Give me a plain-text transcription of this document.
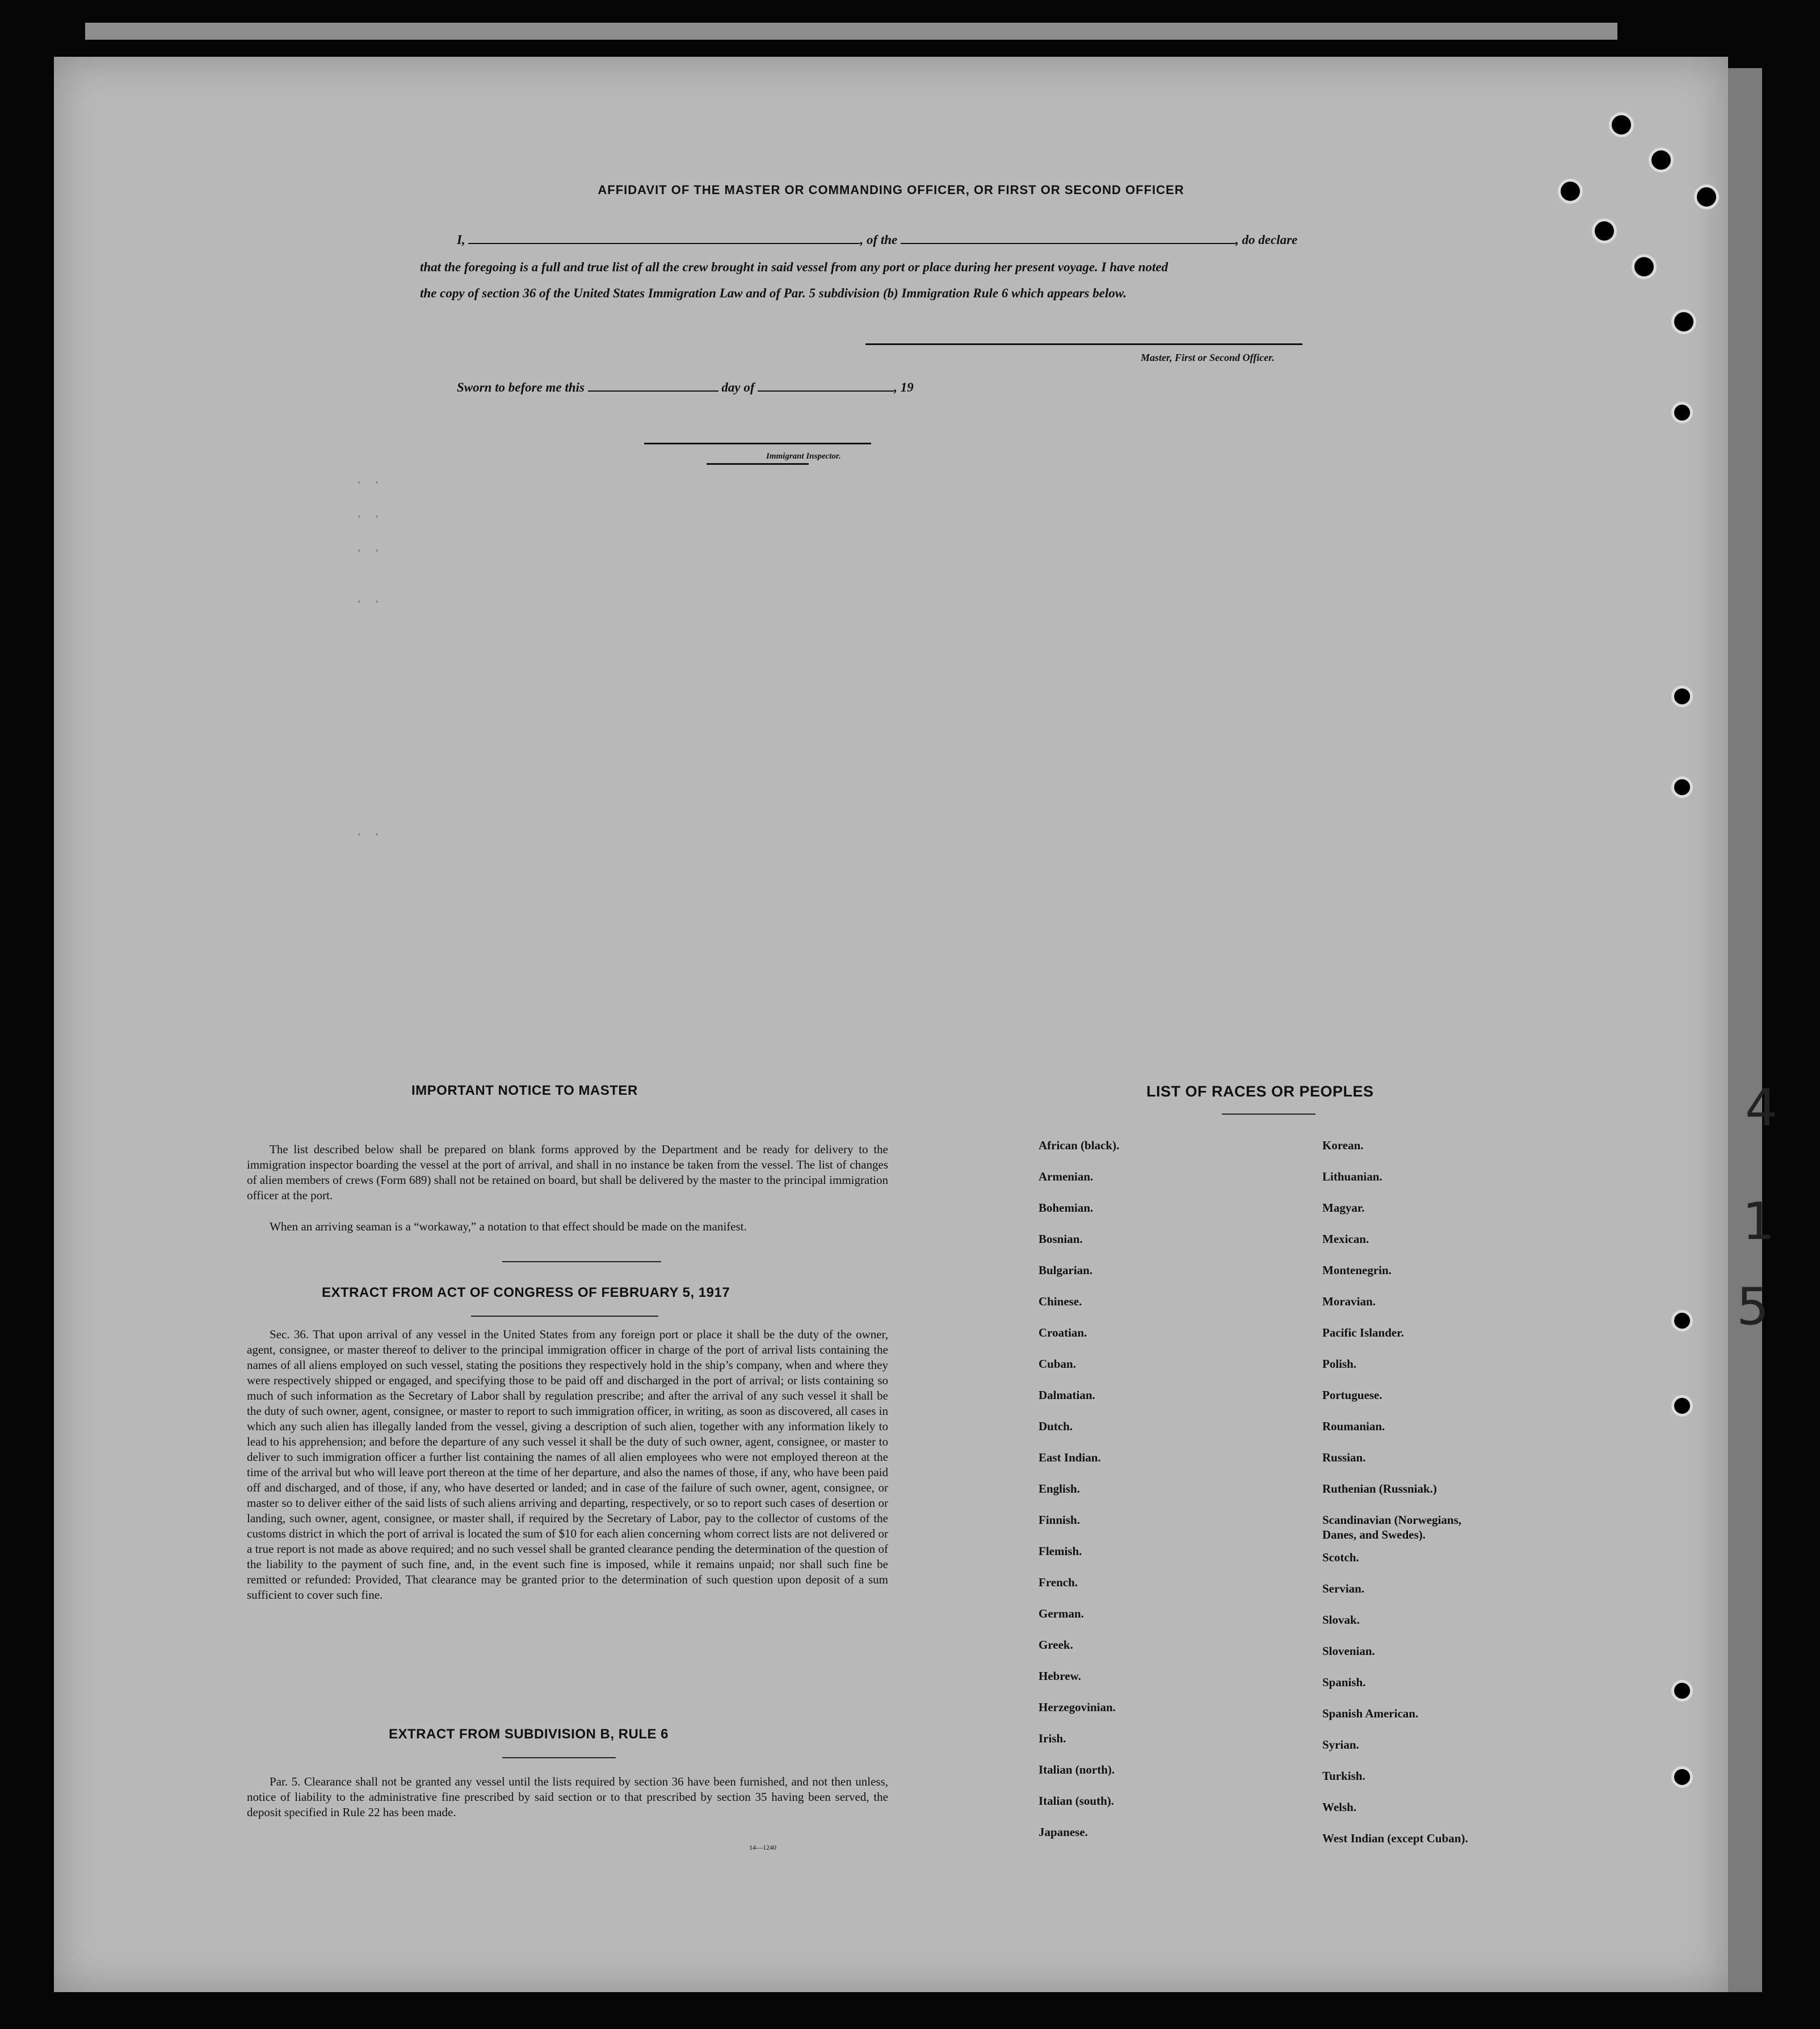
. .
. .
. .
. .
. .
AFFIDAVIT OF THE MASTER OR COMMANDING OFFICER, OR FIRST OR SECOND OFFICER
I,	, of the	, do declare
that the foregoing is a full and true list of all the crew brought in said vessel from any port or place during her present voyage. I have noted
the copy of section 36 of the United States Immigration Law and of Par. 5 subdivision (b) Immigration Rule 6 which appears below.
Master, First or Second Officer.
Sworn to before me this	day of	, 19
Immigrant Inspector.
IMPORTANT NOTICE TO MASTER

The list described below shall be prepared on blank forms approved by the Department and be ready for delivery to the immigration inspector boarding the vessel at the port of arrival, and shall in no instance be taken from the vessel. The list of changes of alien members of crews (Form 689) shall not be retained on board, but shall be delivered by the master to the principal immigration officer at the port.

When an arriving seaman is a “workaway,” a notation to that effect should be made on the manifest.

EXTRACT FROM ACT OF CONGRESS OF FEBRUARY 5, 1917

Sec. 36. That upon arrival of any vessel in the United States from any foreign port or place it shall be the duty of the owner, agent, consignee, or master thereof to deliver to the principal immigration officer in charge of the port of arrival lists containing the names of all aliens employed on such vessel, stating the positions they respectively hold in the ship’s company, when and where they were respectively shipped or engaged, and specifying those to be paid off and discharged in the port of arrival; or lists containing so much of such information as the Secretary of Labor shall by regulation prescribe; and after the arrival of any such vessel it shall be the duty of such owner, agent, consignee, or master to report to such immigration officer, in writing, as soon as discovered, all cases in which any such alien has illegally landed from the vessel, giving a description of such alien, together with any information likely to lead to his apprehension; and before the departure of any such vessel it shall be the duty of such owner, agent, consignee, or master to deliver to such immigration officer a further list containing the names of all alien employees who were not employed thereon at the time of the arrival but who will leave port thereon at the time of her departure, and also the names of those, if any, who have been paid off and discharged, and of those, if any, who have deserted or landed; and in case of the failure of such owner, agent, consignee, or master so to deliver either of the said lists of such aliens arriving and departing, respectively, or so to report such cases of desertion or landing, such owner, agent, consignee, or master shall, if required by the Secretary of Labor, pay to the collector of customs of the customs district in which the port of arrival is located the sum of $10 for each alien concerning whom correct lists are not delivered or a true report is not made as above required; and no such vessel shall be granted clearance pending the determination of the question of the liability to the payment of such fine, and, in the event such fine is imposed, while it remains unpaid; nor shall such fine be remitted or refunded: Provided, That clearance may be granted prior to the determination of such question upon deposit of a sum sufficient to cover such fine.

EXTRACT FROM SUBDIVISION B, RULE 6

Par. 5. Clearance shall not be granted any vessel until the lists required by section 36 have been furnished, and not then unless, notice of liability to the administrative fine prescribed by said section or to that prescribed by section 35 having been served, the deposit specified in Rule 22 has been made.

14—1240
LIST OF RACES OR PEOPLES
African (black).
Armenian.
Bohemian.
Bosnian.
Bulgarian.
Chinese.
Croatian.
Cuban.
Dalmatian.
Dutch.
East Indian.
English.
Finnish.
Flemish.
French.
German.
Greek.
Hebrew.
Herzegovinian.
Irish.
Italian (north).
Italian (south).
Japanese.
Korean.
Lithuanian.
Magyar.
Mexican.
Montenegrin.
Moravian.
Pacific Islander.
Polish.
Portuguese.
Roumanian.
Russian.
Ruthenian (Russniak.)
Scandinavian (Norwegians,
Danes, and Swedes).
Scotch.
Servian.
Slovak.
Slovenian.
Spanish.
Spanish American.
Syrian.
Turkish.
Welsh.
West Indian (except Cuban).
4
1
5
